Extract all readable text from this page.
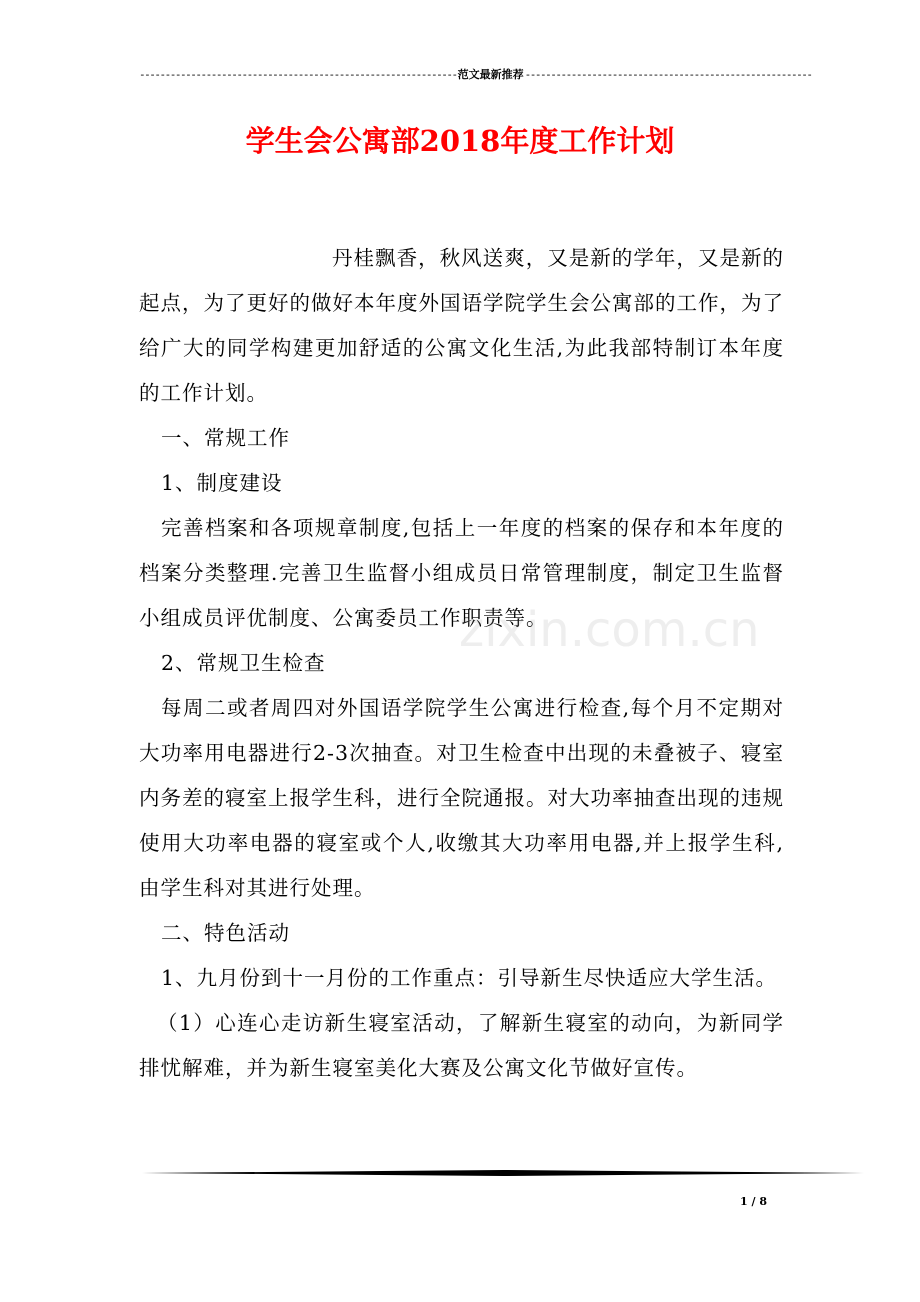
--------------------------------------------------------------范文最新推荐--------------------------------------------------------
学生会公寓部2018年度工作计划

丹桂飘香，秋风送爽，又是新的学年，又是新的起点，为了更好的做好本年度外国语学院学生会公寓部的工作，为了给广大的同学构建更加舒适的公寓文化生活,为此我部特制订本年度的工作计划。

一、常规工作

1、制度建设

完善档案和各项规章制度,包括上一年度的档案的保存和本年度的档案分类整理.完善卫生监督小组成员日常管理制度，制定卫生监督小组成员评优制度、公寓委员工作职责等。

2、常规卫生检查

每周二或者周四对外国语学院学生公寓进行检查,每个月不定期对大功率用电器进行2-3次抽查。对卫生检查中出现的未叠被子、寝室内务差的寝室上报学生科，进行全院通报。对大功率抽查出现的违规使用大功率电器的寝室或个人,收缴其大功率用电器,并上报学生科,由学生科对其进行处理。

二、特色活动

1、九月份到十一月份的工作重点：引导新生尽快适应大学生活。

（1）心连心走访新生寝室活动，了解新生寝室的动向，为新同学排忧解难，并为新生寝室美化大赛及公寓文化节做好宣传。

zixin.com.cn
1 / 8
